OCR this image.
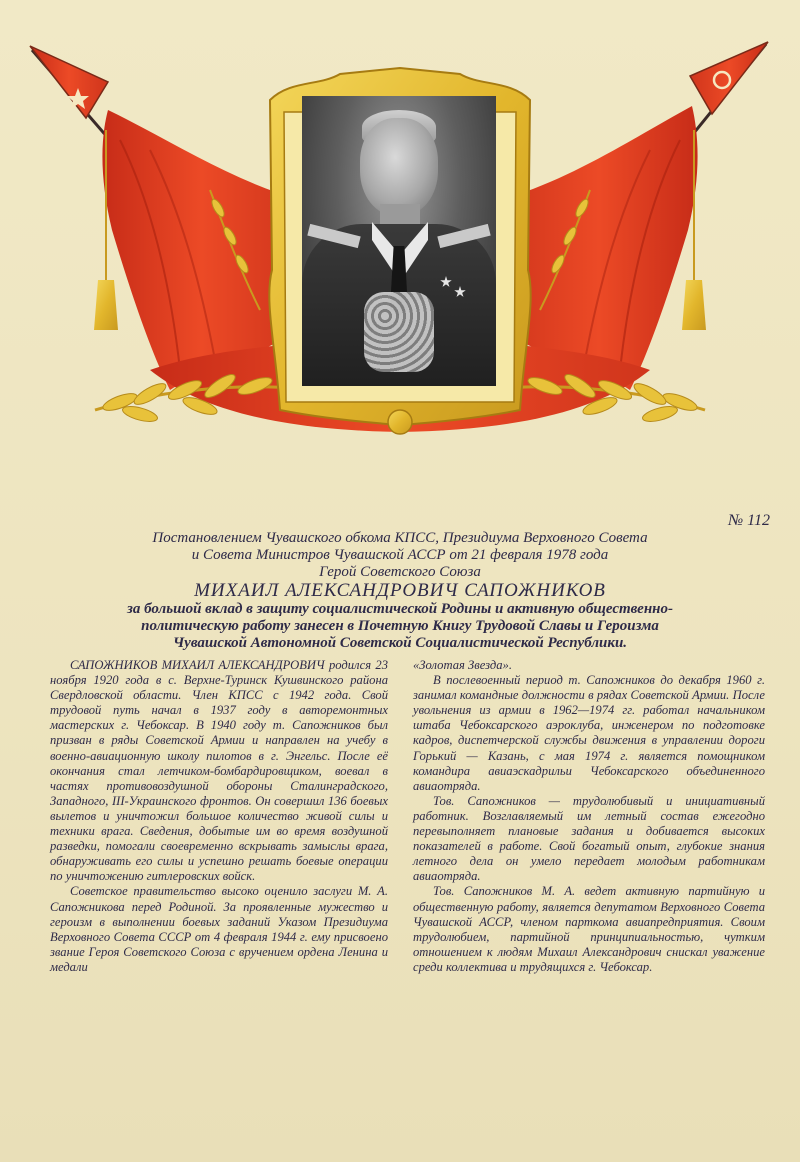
№ 112
Постановлением Чувашского обкома КПСС, Президиума Верховного Совета
и Совета Министров Чувашской АССР от 21 февраля 1978 года
Герой Советского Союза
МИХАИЛ АЛЕКСАНДРОВИЧ САПОЖНИКОВ
за большой вклад в защиту социалистической Родины и активную общественно-
политическую работу занесен в Почетную Книгу Трудовой Славы и Героизма
Чувашской Автономной Советской Социалистической Республики.

САПОЖНИКОВ МИХАИЛ АЛЕКСАНДРОВИЧ родился 23 ноября 1920 года в с. Верхне-Туринск Кушвинского района Свердловской области. Член КПСС с 1942 года. Свой трудовой путь начал в 1937 году в авторемонтных мастерских г. Чебоксар. В 1940 году т. Сапожников был призван в ряды Советской Армии и направлен на учебу в военно-авиационную школу пилотов в г. Энгельс. После её окончания стал летчиком-бомбардировщиком, воевал в частях противовоздушной обороны Сталинградского, Западного, III-Украинского фронтов. Он совершил 136 боевых вылетов и уничтожил большое количество живой силы и техники врага. Сведения, добытые им во время воздушной разведки, помогали своевременно вскрывать замыслы врага, обнаруживать его силы и успешно решать боевые операции по уничтожению гитлеровских войск.

Советское правительство высоко оценило заслуги М. А. Сапожникова перед Родиной. За проявленные мужество и героизм в выполнении боевых заданий Указом Президиума Верховного Совета СССР от 4 февраля 1944 г. ему присвоено звание Героя Советского Союза с вручением ордена Ленина и медали

«Золотая Звезда».

В послевоенный период т. Сапожников до декабря 1960 г. занимал командные должности в рядах Советской Армии. После увольнения из армии в 1962—1974 гг. работал начальником штаба Чебоксарского аэроклуба, инженером по подготовке кадров, диспетчерской службы движения в управлении дороги Горький — Казань, с мая 1974 г. является помощником командира авиаэскадрильи Чебоксарского объединенного авиаотряда.

Тов. Сапожников — трудолюбивый и инициативный работник. Возглавляемый им летный состав ежегодно перевыполняет плановые задания и добивается высоких показателей в работе. Свой богатый опыт, глубокие знания летного дела он умело передает молодым работникам авиаотряда.

Тов. Сапожников М. А. ведет активную партийную и общественную работу, является депутатом Верховного Совета Чувашской АССР, членом парткома авиапредприятия. Своим трудолюбием, партийной принципиальностью, чутким отношением к людям Михаил Александрович снискал уважение среди коллектива и трудящихся г. Чебоксар.
